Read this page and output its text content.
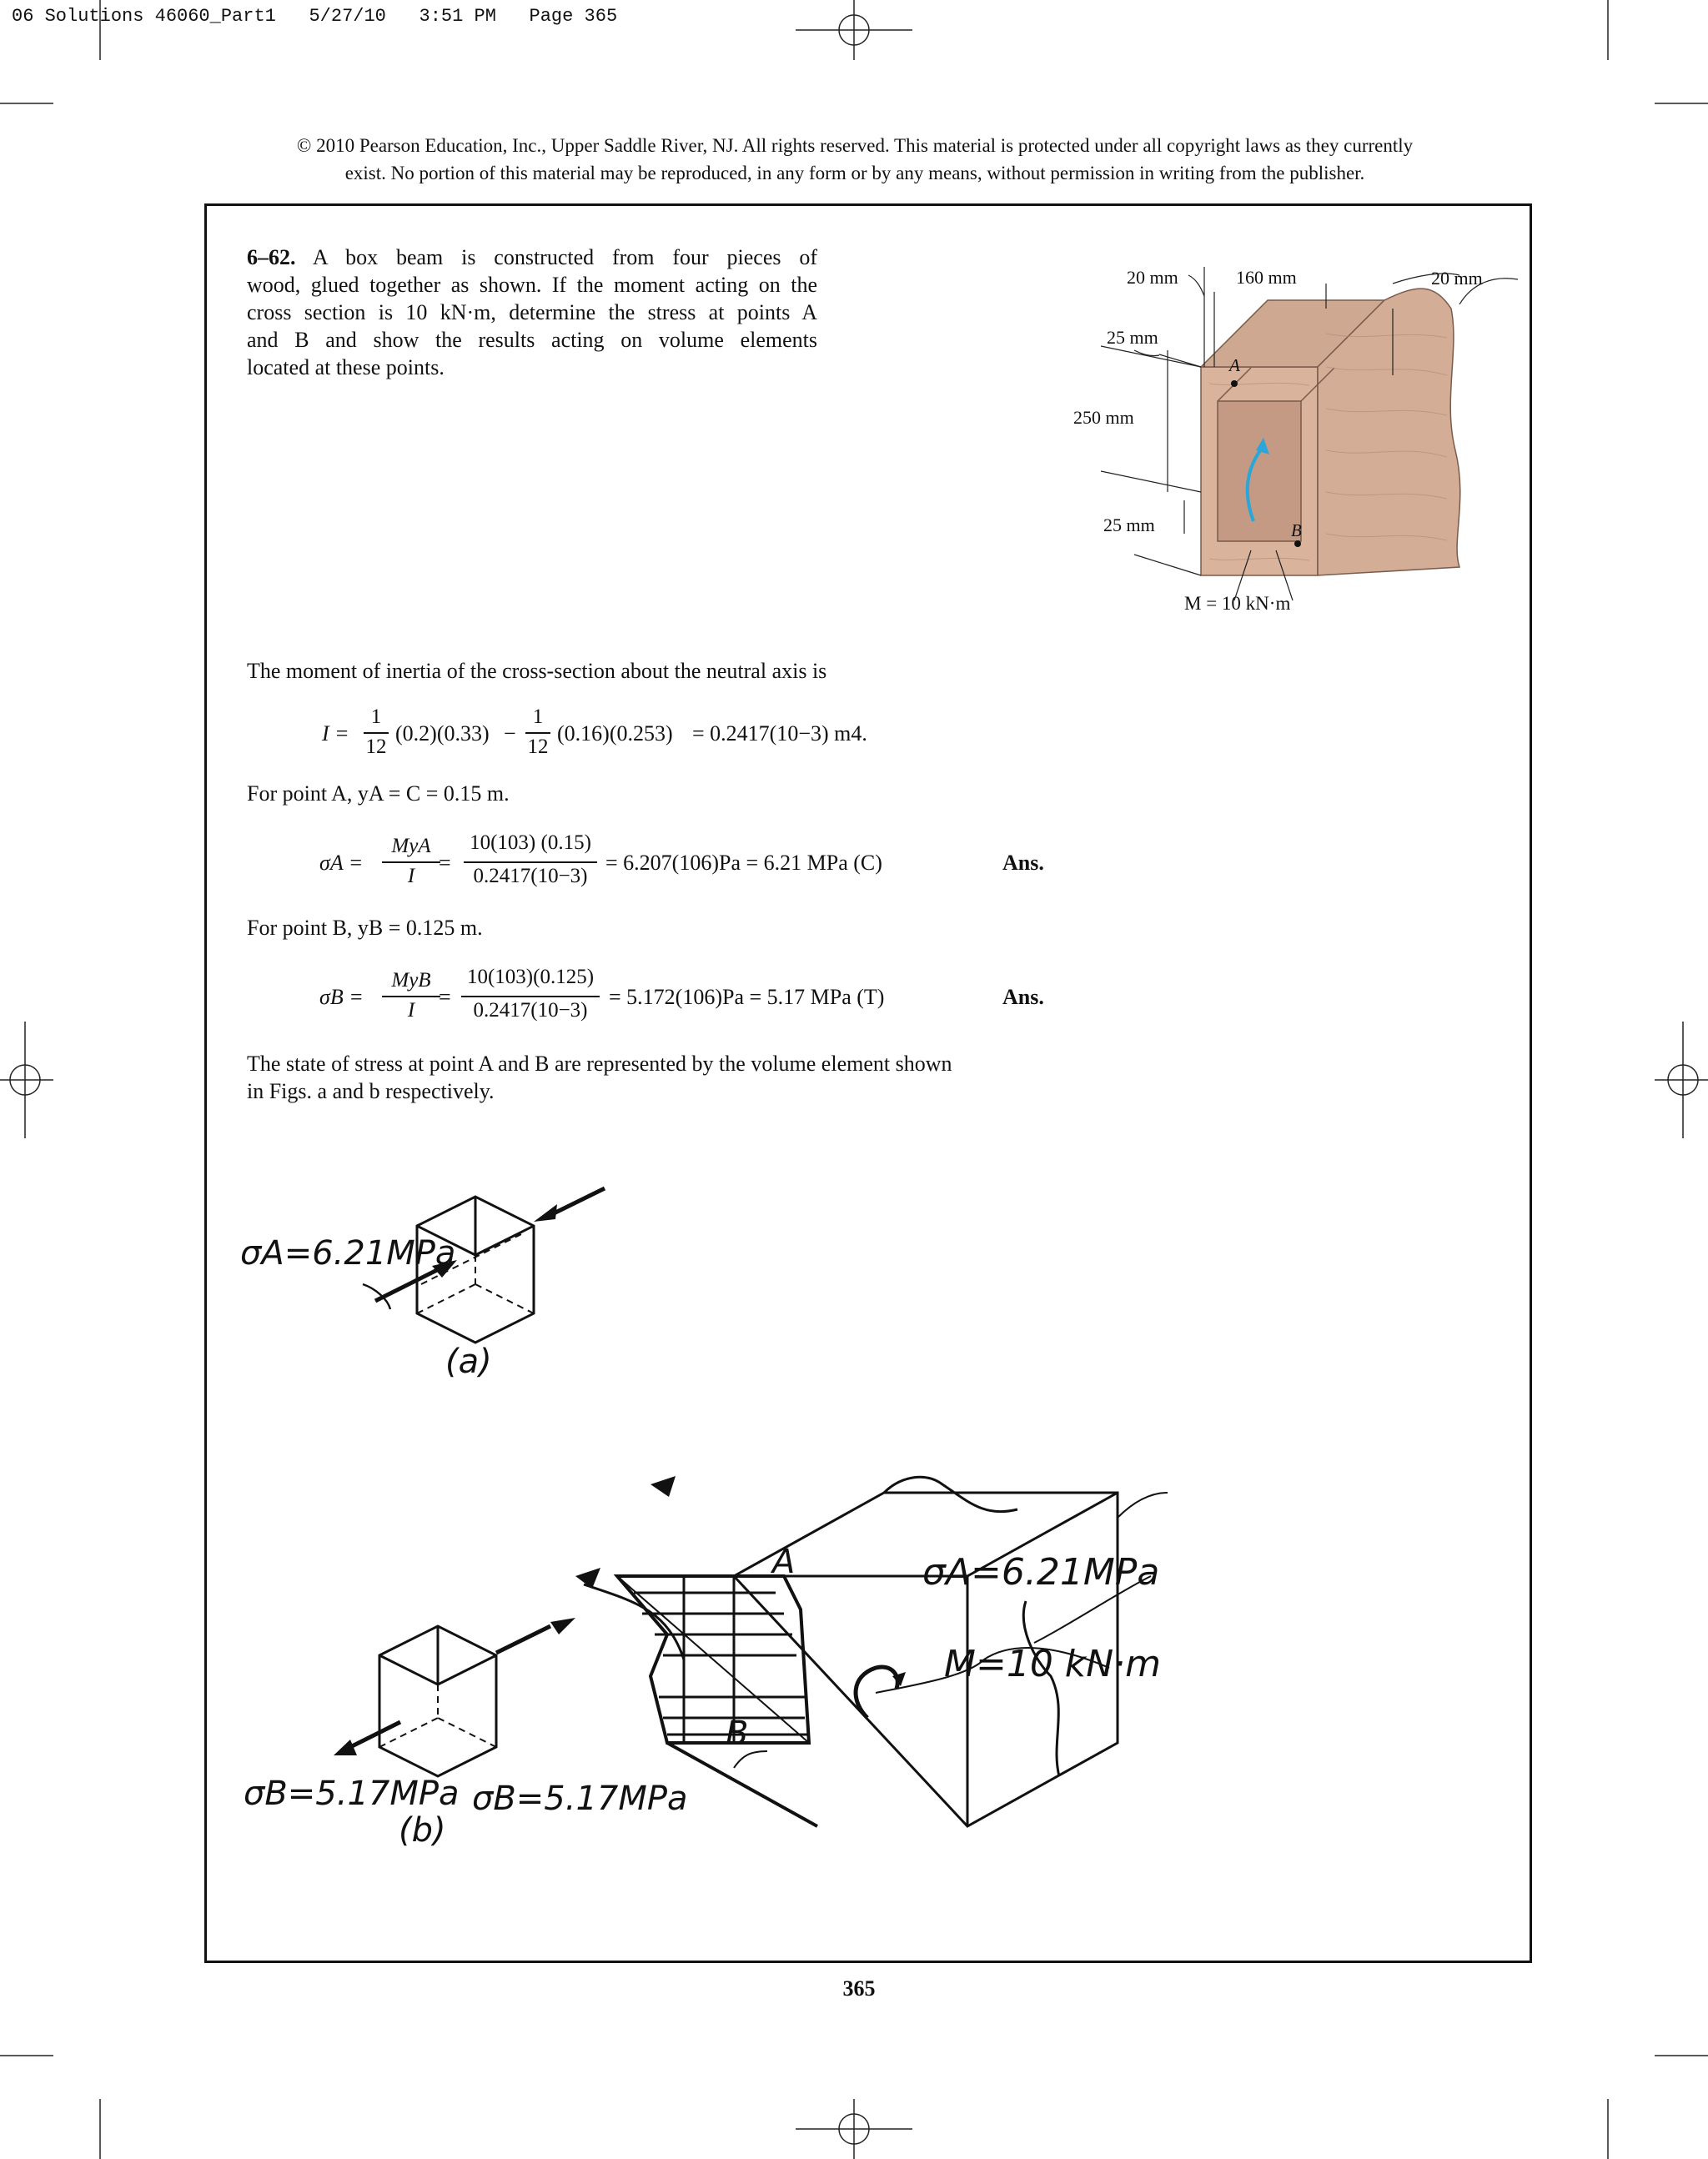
06 Solutions 46060_Part1 5/27/10 3:51 PM Page 365
© 2010 Pearson Education, Inc., Upper Saddle River, NJ. All rights reserved. This material is protected under all copyright laws as they currently
exist. No portion of this material may be reproduced, in any form or by any means, without permission in writing from the publisher.
6–62. A box beam is constructed from four pieces of
wood, glued together as shown. If the moment acting on the
cross section is 10 kN·m, determine the stress at points A
and B and show the results acting on volume elements
located at these points.
20 mm	160 mm	20 mm
25 mm
250 mm
25 mm
A
B
M = 10 kN·m
The moment of inertia of the cross-section about the neutral axis is
I =
1
12
(0.2)(0.33) −
1
12
(0.16)(0.253) = 0.2417(10−3) m4.
For point A, yA = C = 0.15 m.
σA =
MyA
I
=
10(103) (0.15)
0.2417(10−3)
= 6.207(106)Pa = 6.21 MPa (C)	Ans.
For point B, yB = 0.125 m.
σB =
MyB
I
=
10(103)(0.125)
0.2417(10−3)
= 5.172(106)Pa = 5.17 MPa (T)	Ans.
The state of stress at point A and B are represented by the volume element shown
in Figs. a and b respectively.
σA=6.21MPa
(a)
A
B
σA=6.21MPa
M=10 kN·m
σB=5.17MPa σB=5.17MPa
(b)
365
